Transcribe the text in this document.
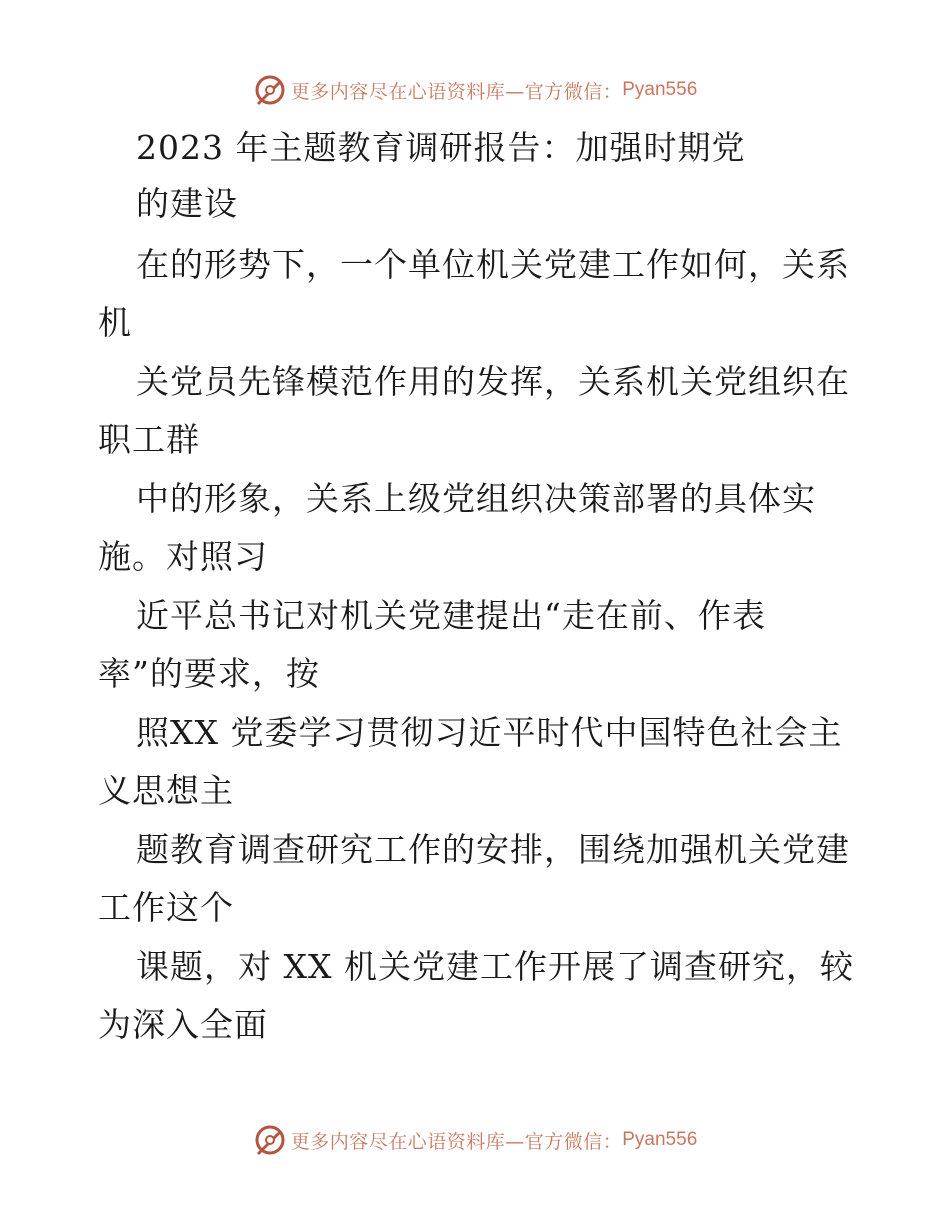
更多内容尽在心语资料库—官方微信： Pyan556
2023 年主题教育调研报告：加强时期党
的建设
在的形势下，一个单位机关党建工作如何，关系
机
关党员先锋模范作用的发挥，关系机关党组织在
职工群
中的形象，关系上级党组织决策部署的具体实
施。对照习
近平总书记对机关党建提出“走在前、作表
率”的要求，按
照XX 党委学习贯彻习近平时代中国特色社会主
义思想主
题教育调查研究工作的安排，围绕加强机关党建
工作这个
课题，对 XX 机关党建工作开展了调查研究，较
为深入全面
更多内容尽在心语资料库—官方微信： Pyan556
